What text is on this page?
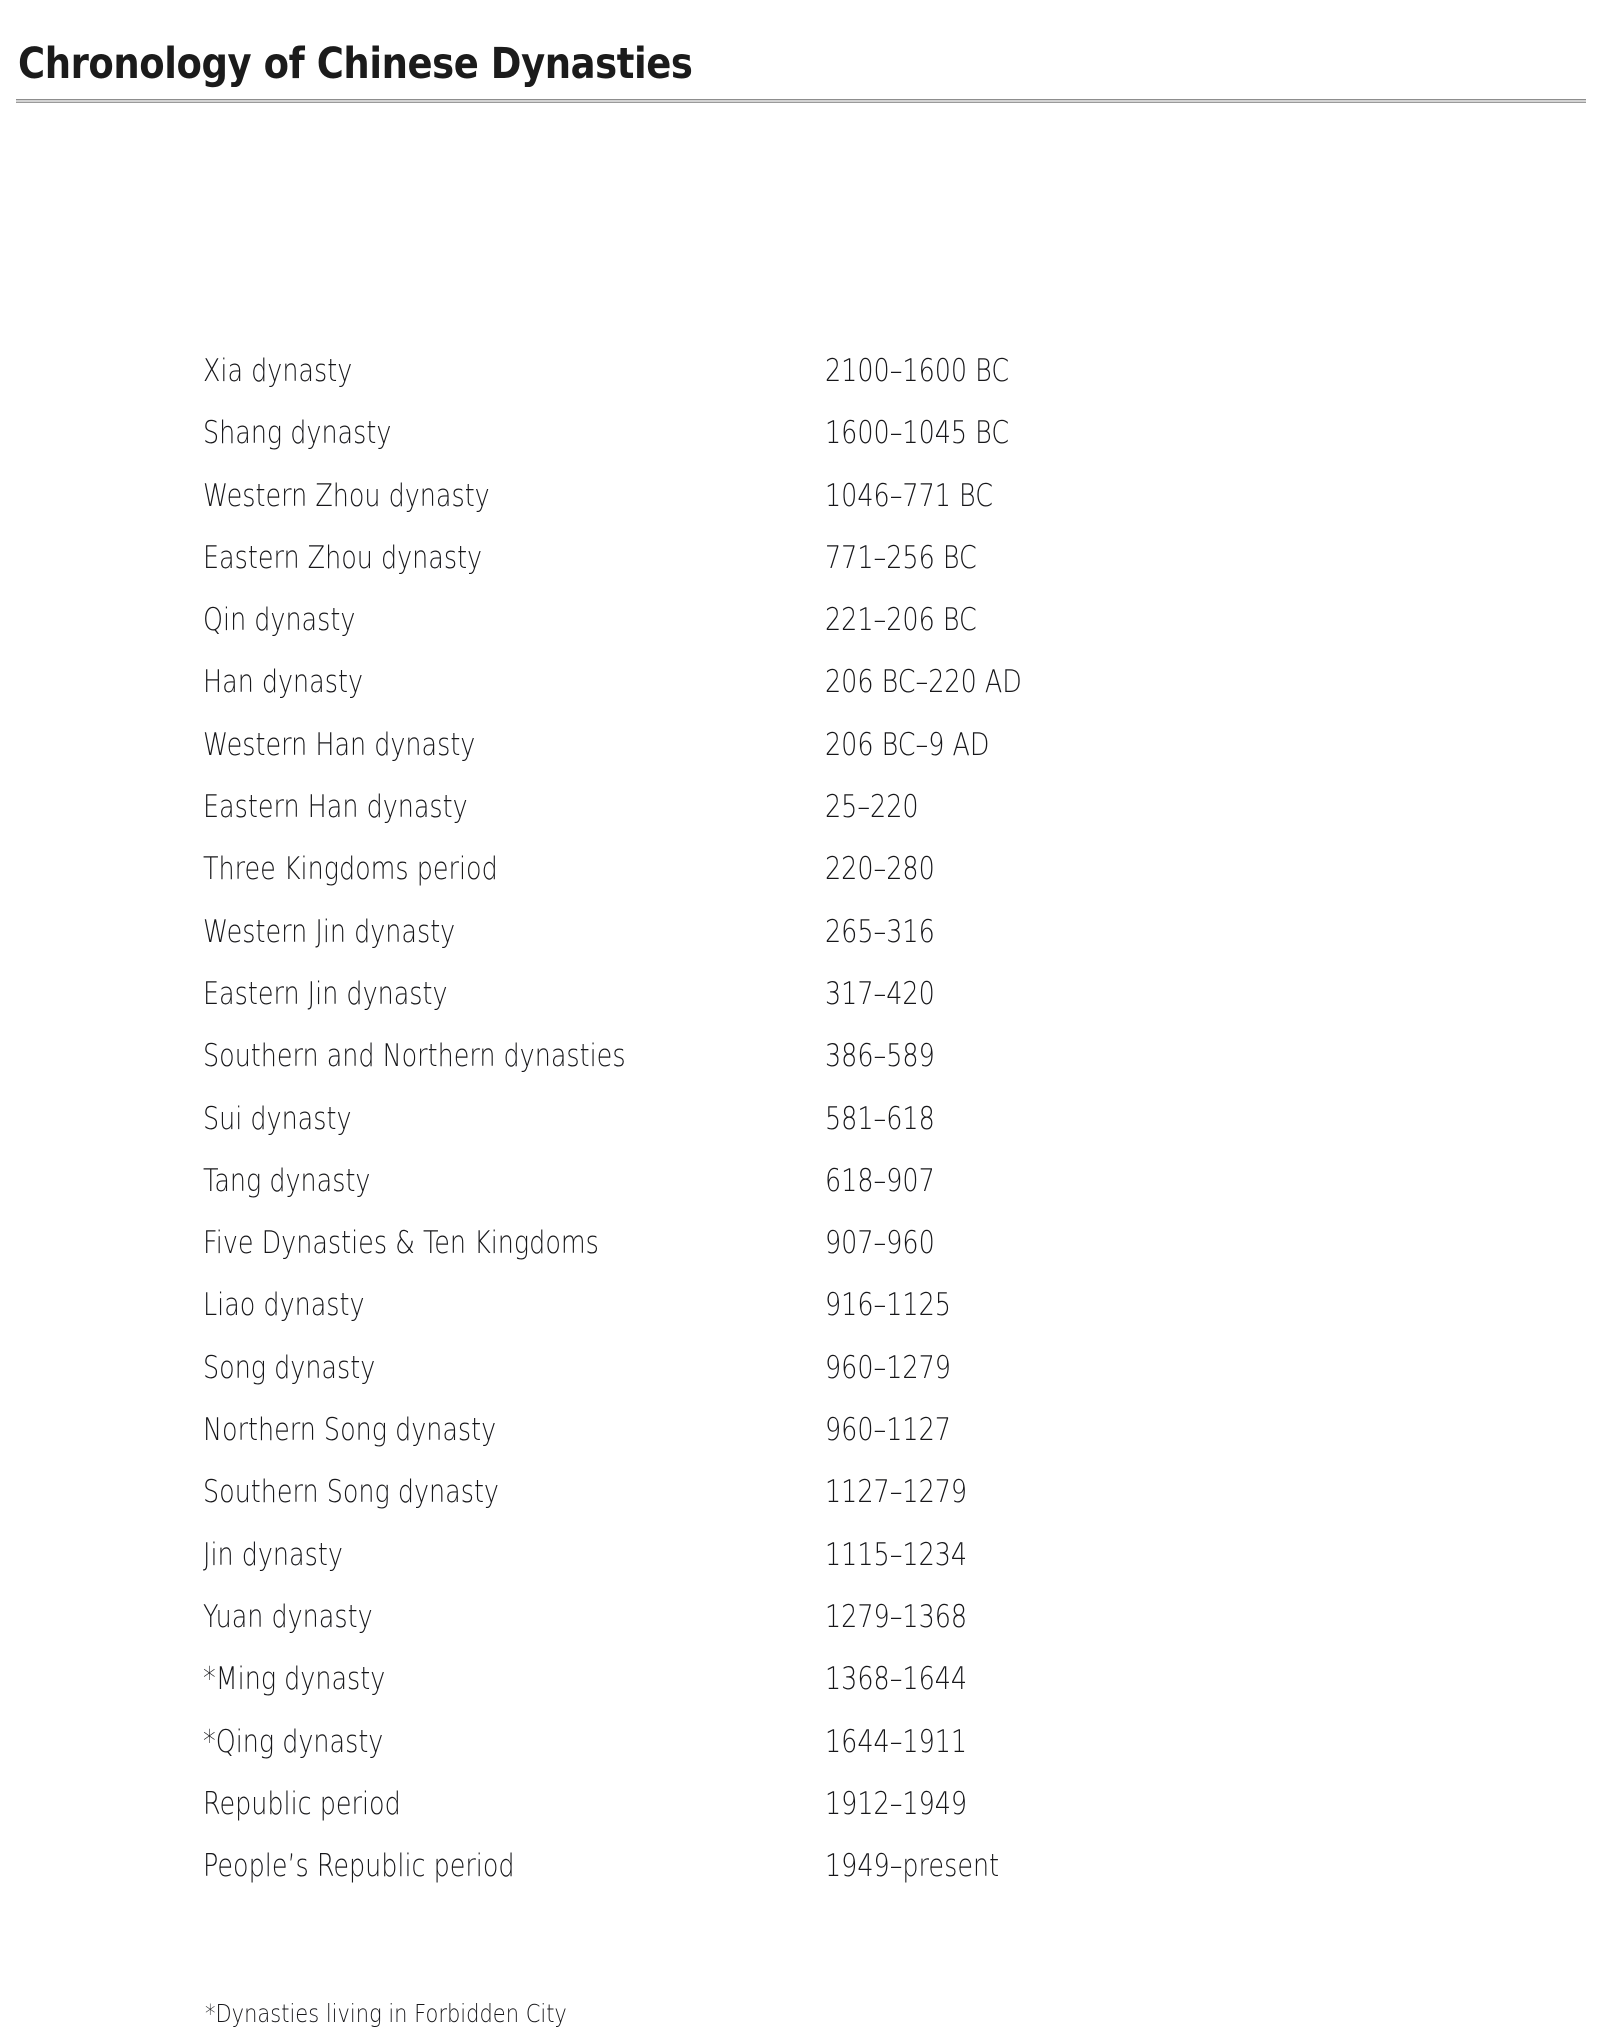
Chronology of Chinese Dynasties
Xia dynasty	2100–1600 BC
Shang dynasty	1600–1045 BC
Western Zhou dynasty	1046–771 BC
Eastern Zhou dynasty	771–256 BC
Qin dynasty	221–206 BC
Han dynasty	206 BC–220 AD
Western Han dynasty	206 BC–9 AD
Eastern Han dynasty	25–220
Three Kingdoms period	220–280
Western Jin dynasty	265–316
Eastern Jin dynasty	317–420
Southern and Northern dynasties	386–589
Sui dynasty	581–618
Tang dynasty	618–907
Five Dynasties & Ten Kingdoms	907–960
Liao dynasty	916–1125
Song dynasty	960–1279
Northern Song dynasty	960–1127
Southern Song dynasty	1127–1279
Jin dynasty	1115–1234
Yuan dynasty	1279–1368
*Ming dynasty	1368–1644
*Qing dynasty	1644–1911
Republic period	1912–1949
People’s Republic period	1949–present
*Dynasties living in Forbidden City
